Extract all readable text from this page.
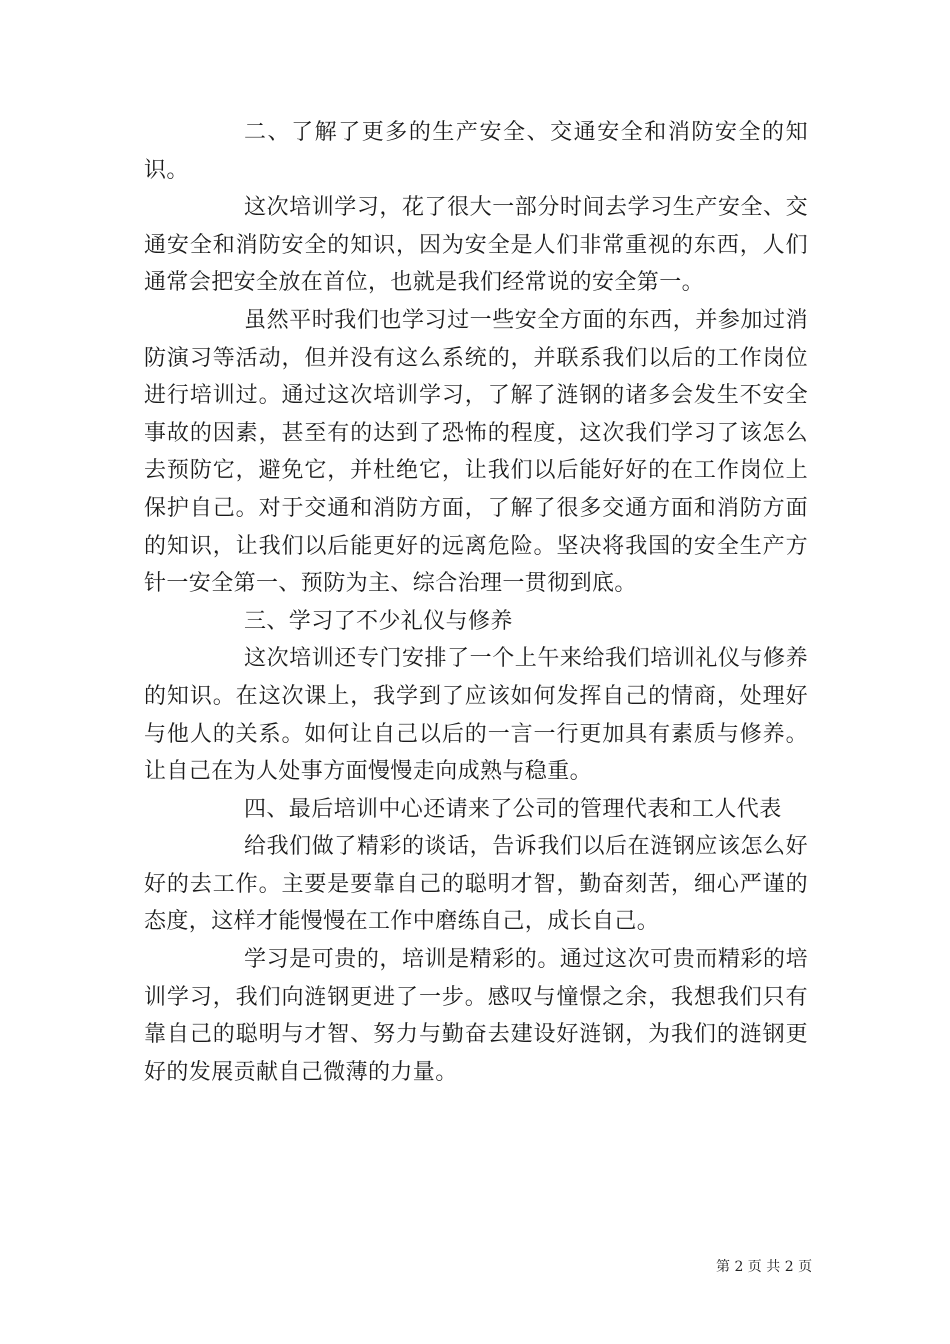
二、了解了更多的生产安全、交通安全和消防安全的知识。

这次培训学习，花了很大一部分时间去学习生产安全、交通安全和消防安全的知识，因为安全是人们非常重视的东西，人们通常会把安全放在首位，也就是我们经常说的安全第一。

虽然平时我们也学习过一些安全方面的东西，并参加过消防演习等活动，但并没有这么系统的，并联系我们以后的工作岗位进行培训过。通过这次培训学习，了解了涟钢的诸多会发生不安全事故的因素，甚至有的达到了恐怖的程度，这次我们学习了该怎么去预防它，避免它，并杜绝它，让我们以后能好好的在工作岗位上保护自己。对于交通和消防方面，了解了很多交通方面和消防方面的知识，让我们以后能更好的远离危险。坚决将我国的安全生产方针一安全第一、预防为主、综合治理一贯彻到底。

三、学习了不少礼仪与修养

这次培训还专门安排了一个上午来给我们培训礼仪与修养的知识。在这次课上，我学到了应该如何发挥自己的情商，处理好与他人的关系。如何让自己以后的一言一行更加具有素质与修养。让自己在为人处事方面慢慢走向成熟与稳重。

四、最后培训中心还请来了公司的管理代表和工人代表

给我们做了精彩的谈话，告诉我们以后在涟钢应该怎么好好的去工作。主要是要靠自己的聪明才智，勤奋刻苦，细心严谨的态度，这样才能慢慢在工作中磨练自己，成长自己。

学习是可贵的，培训是精彩的。通过这次可贵而精彩的培训学习，我们向涟钢更进了一步。感叹与憧憬之余，我想我们只有靠自己的聪明与才智、努力与勤奋去建设好涟钢，为我们的涟钢更好的发展贡献自己微薄的力量。

第 2 页 共 2 页
